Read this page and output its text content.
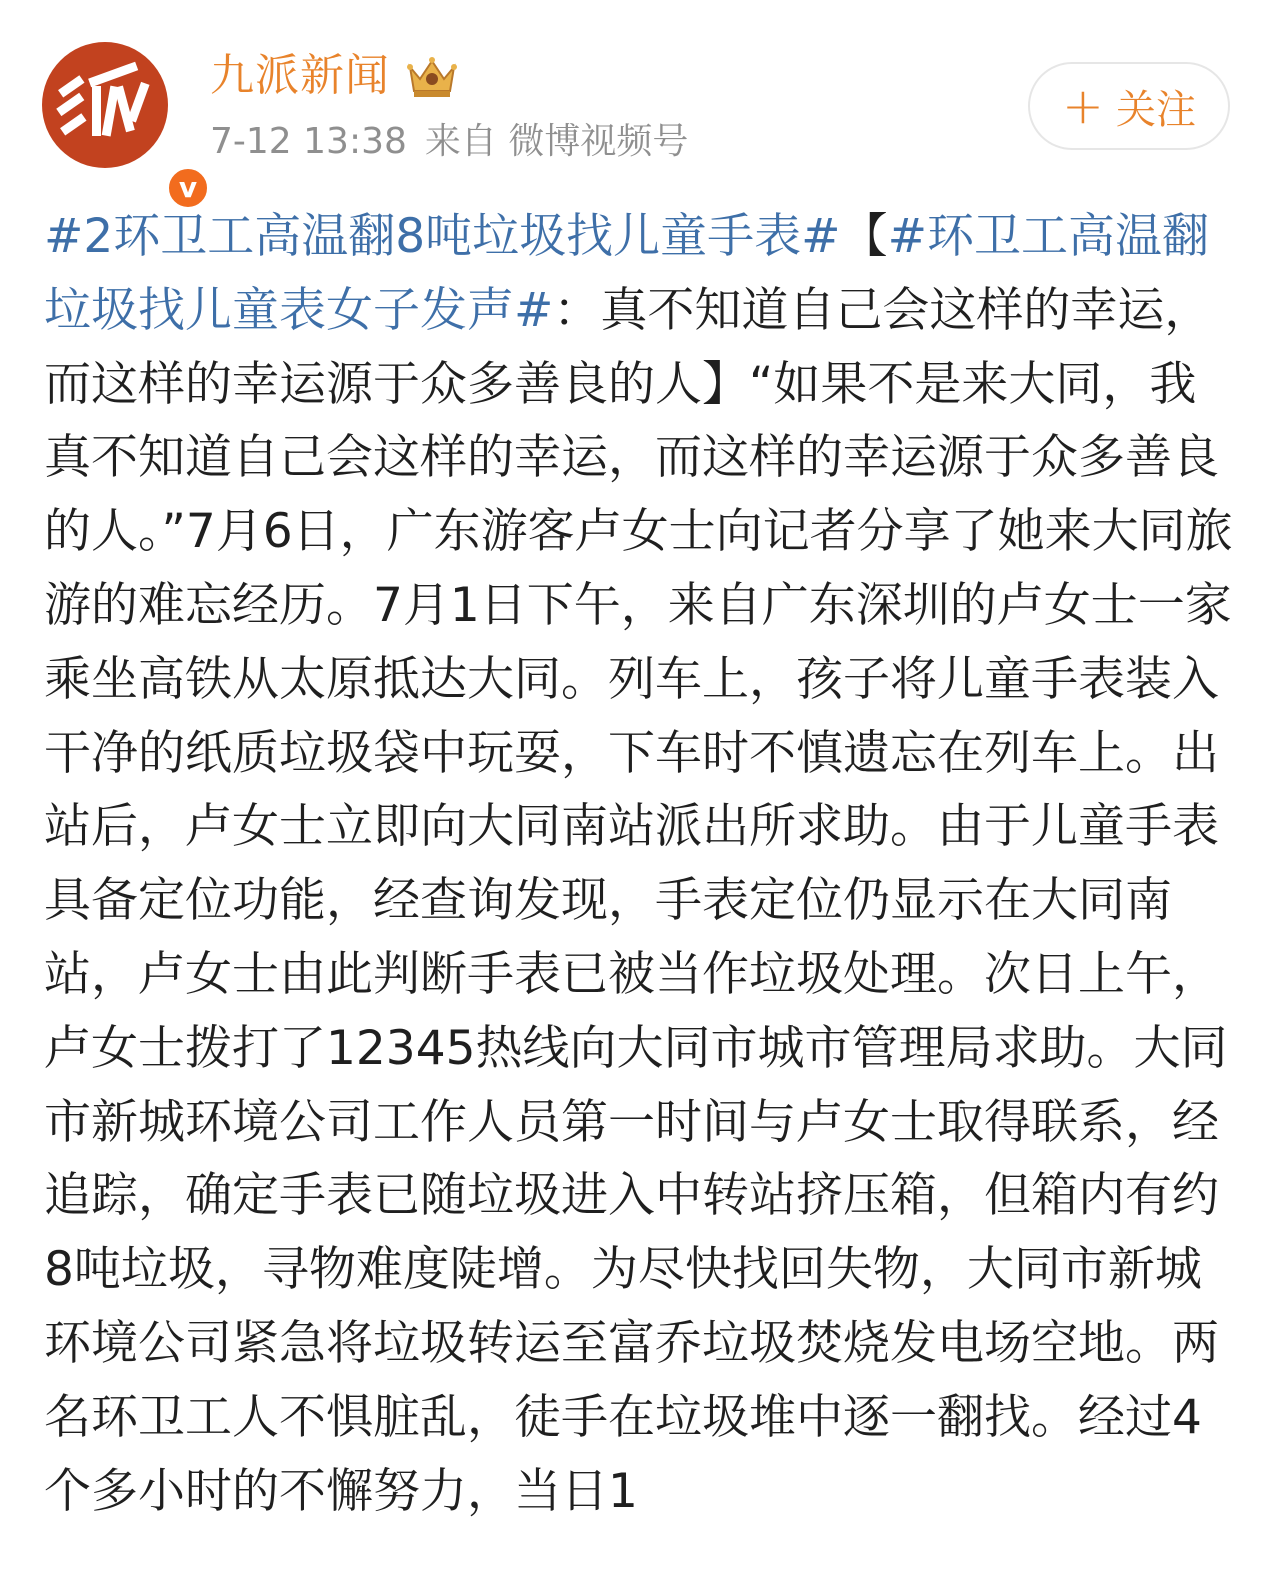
v
九派新闻
7-12 13:38 来自 微博视频号
+ 关注
#2环卫工高温翻8吨垃圾找儿童手表#【#环卫工高温翻垃圾找儿童表女子发声#：真不知道自己会这样的幸运，而这样的幸运源于众多善良的人】“如果不是来大同，我真不知道自己会这样的幸运，而这样的幸运源于众多善良的人。”7月6日，广东游客卢女士向记者分享了她来大同旅游的难忘经历。7月1日下午，来自广东深圳的卢女士一家乘坐高铁从太原抵达大同。列车上，孩子将儿童手表装入干净的纸质垃圾袋中玩耍，下车时不慎遗忘在列车上。出站后，卢女士立即向大同南站派出所求助。由于儿童手表具备定位功能，经查询发现，手表定位仍显示在大同南站，卢女士由此判断手表已被当作垃圾处理。次日上午，卢女士拨打了12345热线向大同市城市管理局求助。大同市新城环境公司工作人员第一时间与卢女士取得联系，经追踪，确定手表已随垃圾进入中转站挤压箱，但箱内有约8吨垃圾，寻物难度陡增。为尽快找回失物，大同市新城环境公司紧急将垃圾转运至富乔垃圾焚烧发电场空地。两名环卫工人不惧脏乱，徒手在垃圾堆中逐一翻找。经过4个多小时的不懈努力，当日1
